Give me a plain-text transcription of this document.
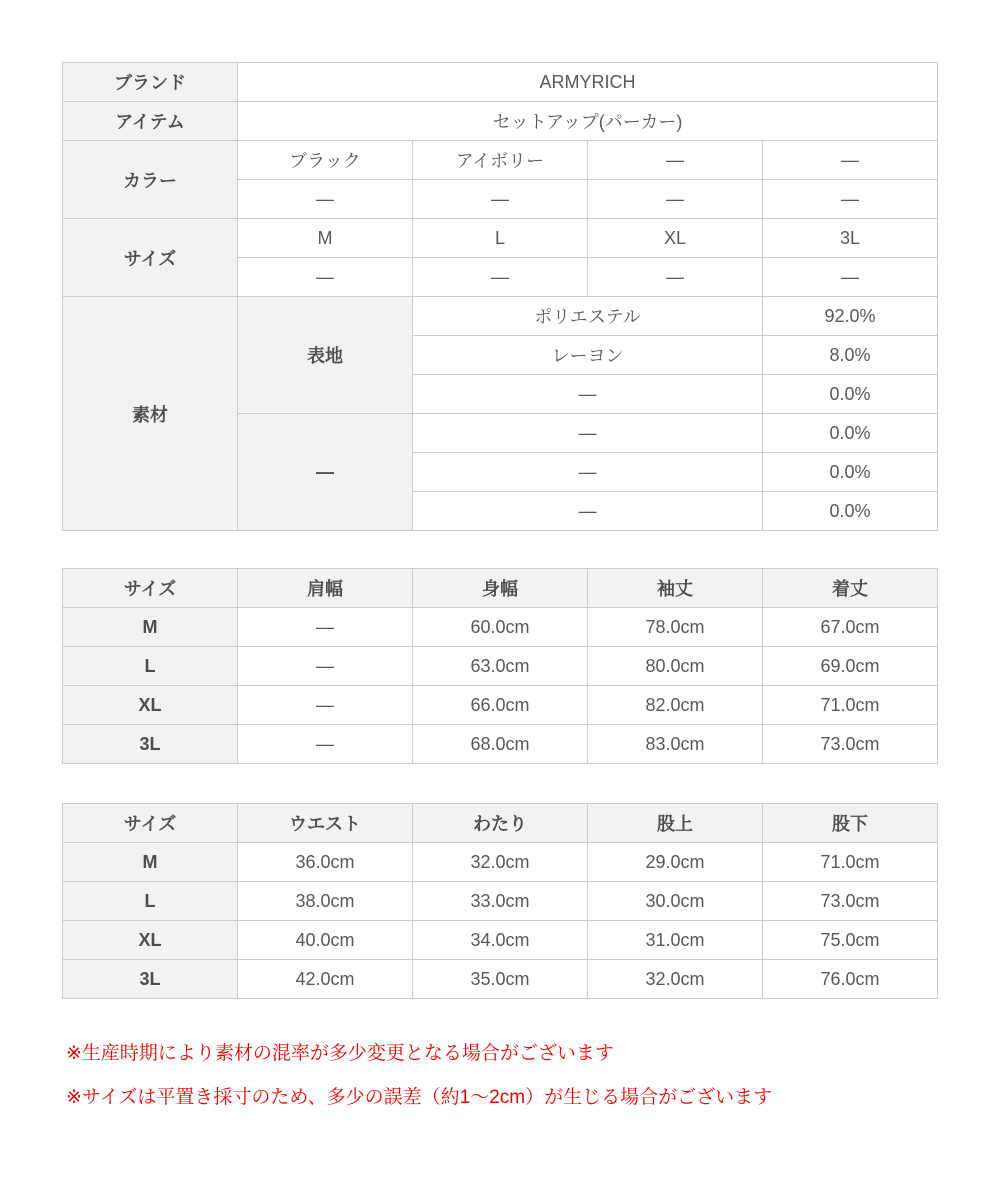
ブランド	ARMYRICH			
アイテム	セットアップ(パーカー)			
カラー	ブラック	アイボリー	—	—
	—	—	—	—
サイズ	M	L	XL	3L
	—	—	—	—
素材	表地	ポリエステル		92.0%
		レーヨン		8.0%
		—		0.0%
	—	—		0.0%
		—		0.0%
		—		0.0%
サイズ	肩幅	身幅	袖丈	着丈
M	—	60.0cm	78.0cm	67.0cm
L	—	63.0cm	80.0cm	69.0cm
XL	—	66.0cm	82.0cm	71.0cm
3L	—	68.0cm	83.0cm	73.0cm
サイズ	ウエスト	わたり	股上	股下
M	36.0cm	32.0cm	29.0cm	71.0cm
L	38.0cm	33.0cm	30.0cm	73.0cm
XL	40.0cm	34.0cm	31.0cm	75.0cm
3L	42.0cm	35.0cm	32.0cm	76.0cm

※生産時期により素材の混率が多少変更となる場合がございます

※サイズは平置き採寸のため、多少の誤差（約1～2cm）が生じる場合がございます
